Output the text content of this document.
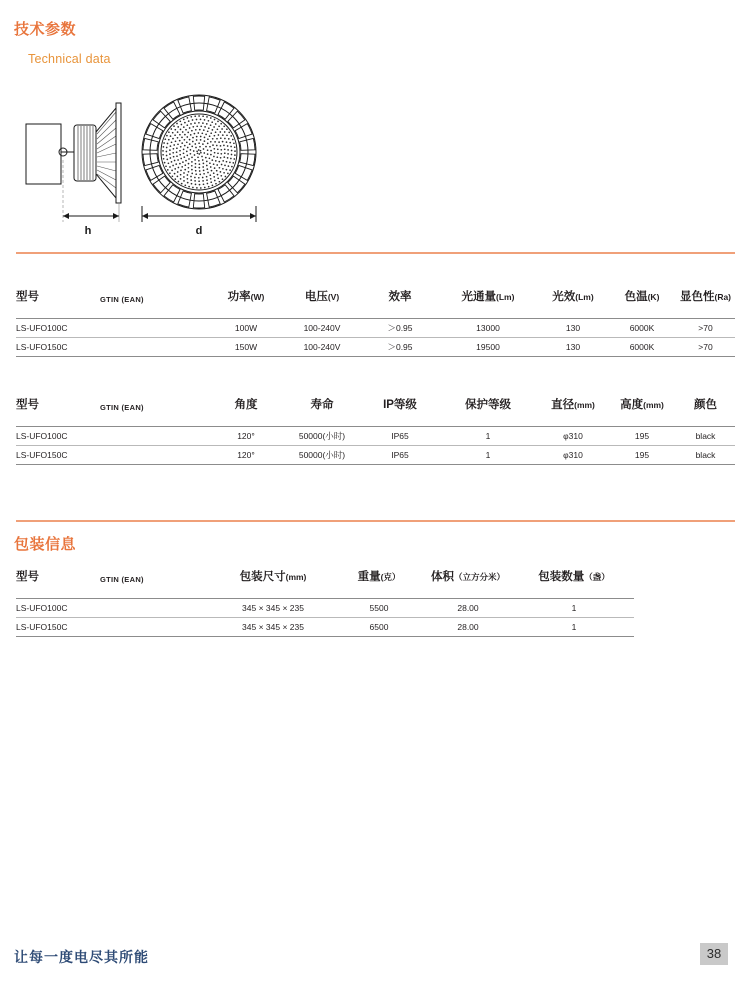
技术参数
Technical data
h	d
型号	GTIN (EAN)	功率(W)	电压(V)	效率	光通量(Lm)	光效(Lm)	色温(K)	显色性(Ra)
LS-UFO100C		100W	100-240V	＞0.95	13000	130	6000K	>70
LS-UFO150C		150W	100-240V	＞0.95	19500	130	6000K	>70
型号	GTIN (EAN)	角度	寿命	IP等级	保护等级	直径(mm)	高度(mm)	颜色
LS-UFO100C		120°	50000(小时)	IP65	1	φ310	195	black
LS-UFO150C		120°	50000(小时)	IP65	1	φ310	195	black
包装信息
型号	GTIN (EAN)	包装尺寸(mm)	重量(克）	体积（立方分米）	包装数量（盏）
LS-UFO100C		345 × 345 × 235	5500	28.00	1
LS-UFO150C		345 × 345 × 235	6500	28.00	1
让每一度电尽其所能	38
